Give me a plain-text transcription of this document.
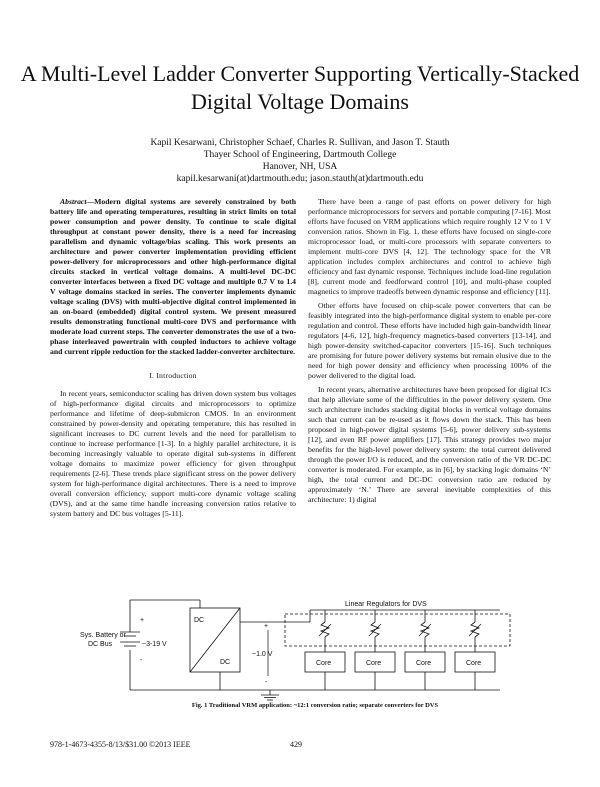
A Multi-Level Ladder Converter Supporting Vertically-Stacked Digital Voltage Domains
Kapil Kesarwani, Christopher Schaef, Charles R. Sullivan, and Jason T. Stauth
Thayer School of Engineering, Dartmouth College
Hanover, NH, USA
kapil.kesarwani(at)dartmouth.edu; jason.stauth(at)dartmouth.edu

Abstract—Modern digital systems are severely constrained by both battery life and operating temperatures, resulting in strict limits on total power consumption and power density. To continue to scale digital throughput at constant power density, there is a need for increasing parallelism and dynamic voltage/bias scaling. This work presents an architecture and power converter implementation providing efficient power-delivery for microprocessors and other high-performance digital circuits stacked in vertical voltage domains. A multi-level DC-DC converter interfaces between a fixed DC voltage and multiple 0.7 V to 1.4 V voltage domains stacked in series. The converter implements dynamic voltage scaling (DVS) with multi-objective digital control implemented in an on-board (embedded) digital control system. We present measured results demonstrating functional multi-core DVS and performance with moderate load current steps. The converter demonstrates the use of a two-phase interleaved powertrain with coupled inductors to achieve voltage and current ripple reduction for the stacked ladder-converter architecture.

I. Introduction

In recent years, semiconductor scaling has driven down system bus voltages of high-performance digital circuits and microprocessors to optimize performance and lifetime of deep-submicron CMOS. In an environment constrained by power-density and operating temperature, this has resulted in significant increases to DC current levels and the need for parallelism to continue to increase performance [1-3]. In a highly parallel architecture, it is becoming increasingly valuable to operate digital sub-systems in different voltage domains to maximize power efficiency for given throughput requirements [2-6]. These trends place significant stress on the power delivery system for high-performance digital architectures. There is a need to improve overall conversion efficiency, support multi-core dynamic voltage scaling (DVS), and at the same time handle increasing conversion ratios relative to system battery and DC bus voltages [5-11].

There have been a range of past efforts on power delivery for high performance microprocessors for servers and portable computing [7-16]. Most efforts have focused on VRM applications which require roughly 12 V to 1 V conversion ratios. Shown in Fig. 1, these efforts have focused on single-core microprocessor load, or multi-core processors with separate converters to implement multi-core DVS [4, 12]. The technology space for the VR application includes complex architectures and control to achieve high efficiency and fast dynamic response. Techniques include load-line regulation [8], current mode and feedforward control [10], and multi-phase coupled magnetics to improve tradeoffs between dynamic response and efficiency [11].

Other efforts have focused on chip-scale power converters that can be feasibly integrated into the high-performance digital system to enable per-core regulation and control. These efforts have included high gain-bandwidth linear regulators [4-6, 12], high-frequency magnetics-based converters [13-14], and high power-density switched-capacitor converters [15-16]. Such techniques are promising for future power delivery systems but remain elusive due to the need for high power density and efficiency when processing 100% of the power delivered to the digital load.

In recent years, alternative architectures have been proposed for digital ICs that help alleviate some of the difficulties in the power delivery system. One such architecture includes stacking digital blocks in vertical voltage domains such that current can be re-used as it flows down the stack. This has been proposed in high-power digital systems [5-6], power delivery sub-systems [12], and even RF power amplifiers [17]. This strategy provides two major benefits for the high-level power delivery system: the total current delivered through the power I/O is reduced, and the conversion ratio of the VR DC-DC converter is moderated. For example, as in [6], by stacking logic domains ‘N’ high, the total current and DC-DC conversion ratio are reduced by approximately ‘N.’ There are several inevitable complexities of this architecture: 1) digital

Linear Regulators for DVS
Sys. Battery or
DC Bus	~3-19 V
+
-
DC
DC
~1.0 V
+
-
Core	Core	Core	Core
Fig. 1 Traditional VRM application: ~12:1 conversion ratio; separate converters for DVS
978-1-4673-4355-8/13/$31.00 ©2013 IEEE	429
